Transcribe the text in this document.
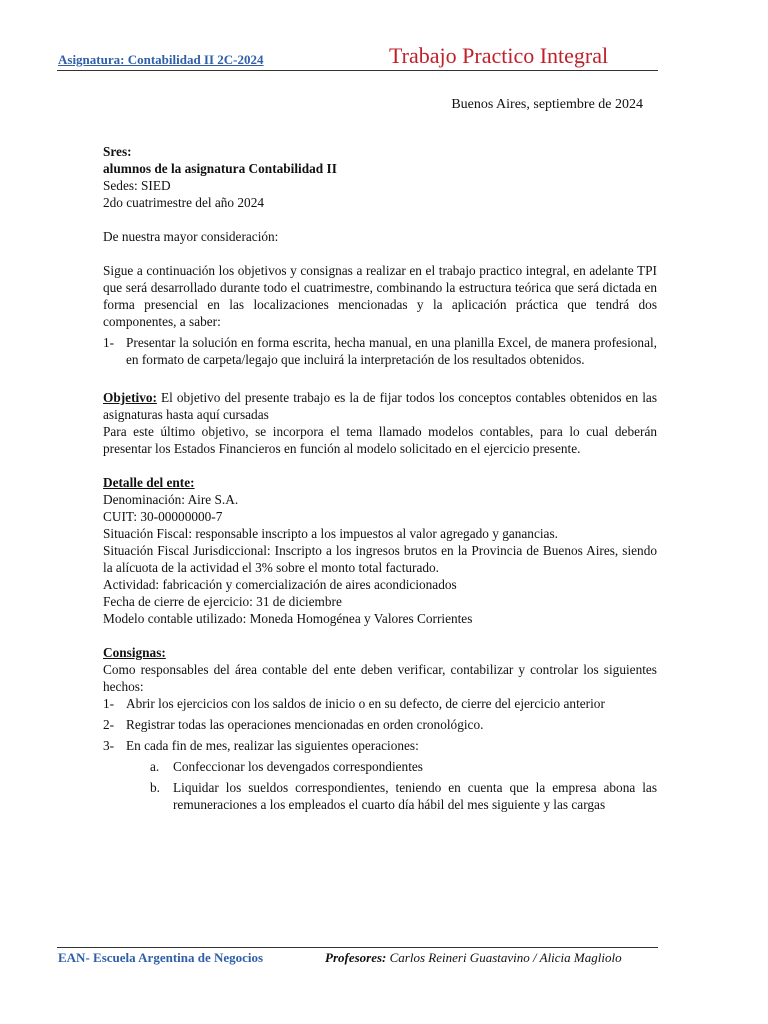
Asignatura: Contabilidad II 2C-2024	Trabajo Practico Integral
Buenos Aires, septiembre de 2024

Sres:

alumnos de la asignatura Contabilidad II

Sedes: SIED

2do cuatrimestre del año 2024

De nuestra mayor consideración:

Sigue a continuación los objetivos y consignas a realizar en el trabajo practico integral, en adelante TPI que será desarrollado durante todo el cuatrimestre, combinando la estructura teórica que será dictada en forma presencial en las localizaciones mencionadas y la aplicación práctica que tendrá dos componentes, a saber:

1- Presentar la solución en forma escrita, hecha manual, en una planilla Excel, de manera profesional, en formato de carpeta/legajo que incluirá la interpretación de los resultados obtenidos.

Objetivo: El objetivo del presente trabajo es la de fijar todos los conceptos contables obtenidos en las asignaturas hasta aquí cursadas

Para este último objetivo, se incorpora el tema llamado modelos contables, para lo cual deberán presentar los Estados Financieros en función al modelo solicitado en el ejercicio presente.

Detalle del ente:

Denominación: Aire S.A.

CUIT: 30-00000000-7

Situación Fiscal: responsable inscripto a los impuestos al valor agregado y ganancias.

Situación Fiscal Jurisdiccional: Inscripto a los ingresos brutos en la Provincia de Buenos Aires, siendo la alícuota de la actividad el 3% sobre el monto total facturado.

Actividad: fabricación y comercialización de aires acondicionados

Fecha de cierre de ejercicio: 31 de diciembre

Modelo contable utilizado: Moneda Homogénea y Valores Corrientes

Consignas:

Como responsables del área contable del ente deben verificar, contabilizar y controlar los siguientes hechos:

1- Abrir los ejercicios con los saldos de inicio o en su defecto, de cierre del ejercicio anterior
2- Registrar todas las operaciones mencionadas en orden cronológico.
3- En cada fin de mes, realizar las siguientes operaciones:
a.	Confeccionar los devengados correspondientes
b. Liquidar los sueldos correspondientes, teniendo en cuenta que la empresa abona las remuneraciones a los empleados el cuarto día hábil del mes siguiente y las cargas
EAN- Escuela Argentina de Negocios	Profesores: Carlos Reineri Guastavino / Alicia Magliolo
